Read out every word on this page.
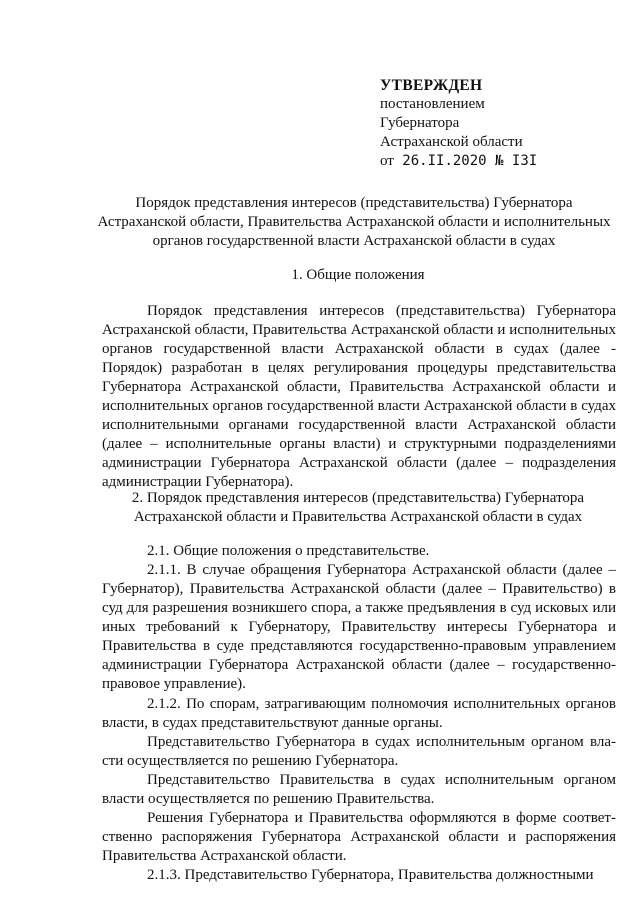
УТВЕРЖДЕН
постановлением
Губернатора
Астраханской области
от 26.II.2020 № I3I
Порядок представления интересов (представительства) Губернатора Астраханской области, Правительства Астраханской области и исполнительных органов государственной власти Астраханской области в судах
1. Общие положения
Порядок представления интересов (представительства) Губернатора Астраханской области, Правительства Астраханской области и исполнительных органов государственной власти Астраханской области в судах (далее - Порядок) разработан в целях регулирования процедуры представительства Губернатора Астраханской области, Правительства Астраханской области и исполнительных органов государственной власти Астраханской области в судах исполнительными органами государственной власти Астраханской области (далее – исполнительные органы власти) и структурными подразделениями администрации Губернатора Астраханской области (далее – подразделения администрации Губернатора).
2. Порядок представления интересов (представительства) Губернатора Астраханской области и Правительства Астраханской области в судах
2.1. Общие положения о представительстве.
2.1.1. В случае обращения Губернатора Астраханской области (далее – Губернатор), Правительства Астраханской области (далее – Правительство) в суд для разрешения возникшего спора, а также предъявления в суд исковых или иных требований к Губернатору, Правительству интересы Губернатора и Правительства в суде представляются государственно-правовым управлением администрации Губернатора Астраханской области (далее – государственно-правовое управление).
2.1.2. По спорам, затрагивающим полномочия исполнительных органов власти, в судах представительствуют данные органы.
Представительство Губернатора в судах исполнительным органом власти осуществляется по решению Губернатора.
Представительство Правительства в судах исполнительным органом власти осуществляется по решению Правительства.
Решения Губернатора и Правительства оформляются в форме соответственно распоряжения Губернатора Астраханской области и распоряжения Правительства Астраханской области.
2.1.3. Представительство Губернатора, Правительства должностными
